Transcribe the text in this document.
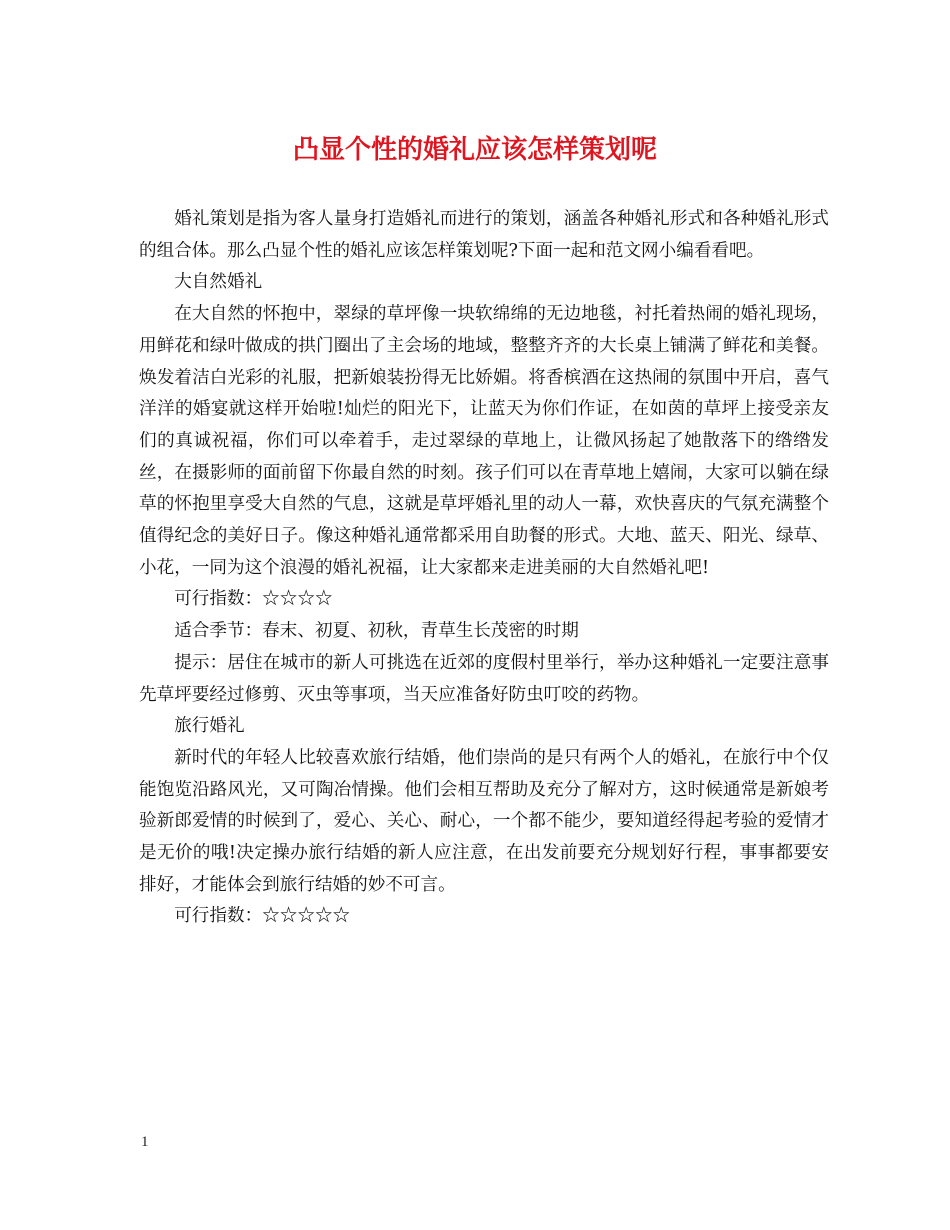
凸显个性的婚礼应该怎样策划呢

婚礼策划是指为客人量身打造婚礼而进行的策划，涵盖各种婚礼形式和各种婚礼形式的组合体。那么凸显个性的婚礼应该怎样策划呢?下面一起和范文网小编看看吧。

大自然婚礼

在大自然的怀抱中，翠绿的草坪像一块软绵绵的无边地毯，衬托着热闹的婚礼现场，用鲜花和绿叶做成的拱门圈出了主会场的地域，整整齐齐的大长桌上铺满了鲜花和美餐。焕发着洁白光彩的礼服，把新娘装扮得无比娇媚。将香槟酒在这热闹的氛围中开启，喜气洋洋的婚宴就这样开始啦!灿烂的阳光下，让蓝天为你们作证，在如茵的草坪上接受亲友们的真诚祝福，你们可以牵着手，走过翠绿的草地上，让微风扬起了她散落下的绺绺发丝，在摄影师的面前留下你最自然的时刻。孩子们可以在青草地上嬉闹，大家可以躺在绿草的怀抱里享受大自然的气息，这就是草坪婚礼里的动人一幕，欢快喜庆的气氛充满整个值得纪念的美好日子。像这种婚礼通常都采用自助餐的形式。大地、蓝天、阳光、绿草、小花，一同为这个浪漫的婚礼祝福，让大家都来走进美丽的大自然婚礼吧!

可行指数：☆☆☆☆

适合季节：春末、初夏、初秋，青草生长茂密的时期

提示：居住在城市的新人可挑选在近郊的度假村里举行，举办这种婚礼一定要注意事先草坪要经过修剪、灭虫等事项，当天应准备好防虫叮咬的药物。

旅行婚礼

新时代的年轻人比较喜欢旅行结婚，他们崇尚的是只有两个人的婚礼，在旅行中个仅能饱览沿路风光，又可陶冶情操。他们会相互帮助及充分了解对方，这时候通常是新娘考验新郎爱情的时候到了，爱心、关心、耐心，一个都不能少，要知道经得起考验的爱情才是无价的哦!决定操办旅行结婚的新人应注意，在出发前要充分规划好行程，事事都要安排好，才能体会到旅行结婚的妙不可言。

可行指数：☆☆☆☆☆

1
